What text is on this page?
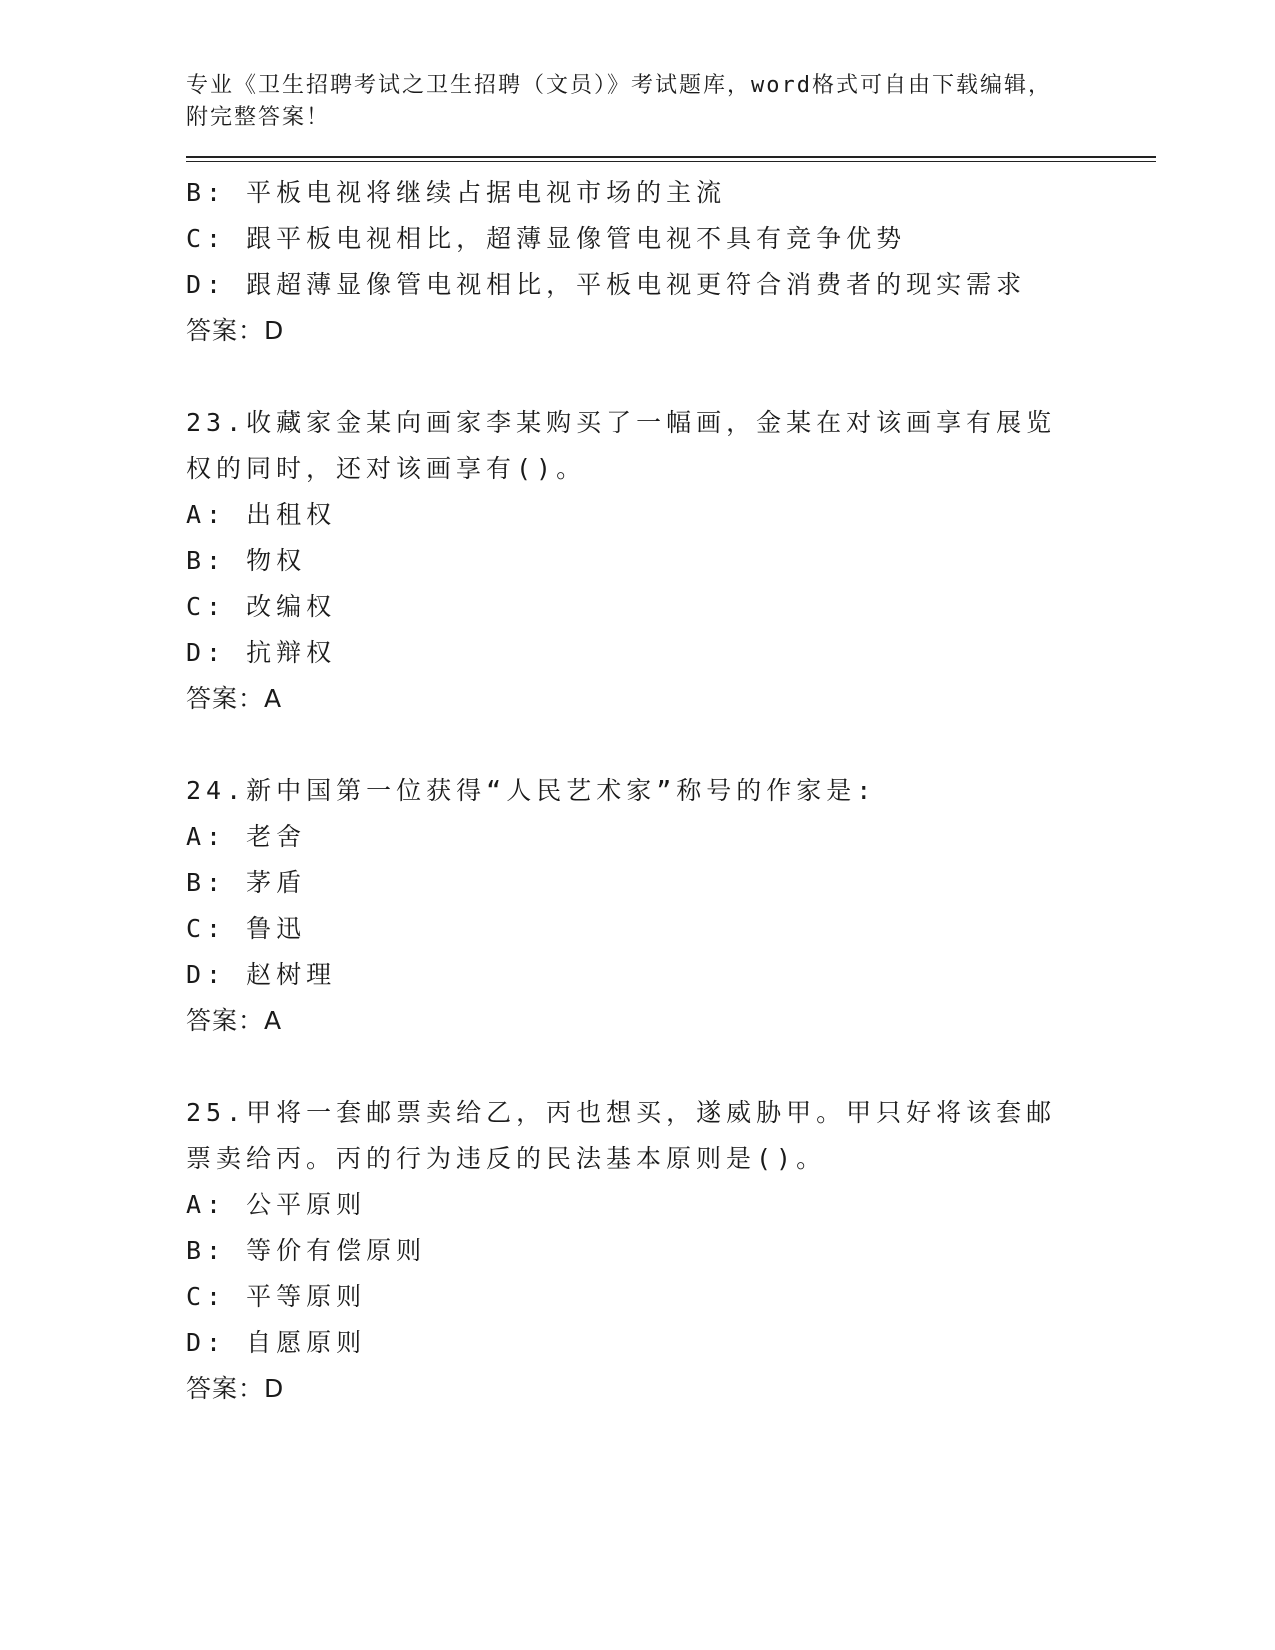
专业《卫生招聘考试之卫生招聘（文员）》考试题库，word格式可自由下载编辑，附完整答案！

B: 平板电视将继续占据电视市场的主流
C: 跟平板电视相比，超薄显像管电视不具有竞争优势
D: 跟超薄显像管电视相比，平板电视更符合消费者的现实需求
答案：D
23.收藏家金某向画家李某购买了一幅画，金某在对该画享有展览权的同时，还对该画享有()。
A: 出租权
B: 物权
C: 改编权
D: 抗辩权
答案：A
24.新中国第一位获得“人民艺术家”称号的作家是:
A: 老舍
B: 茅盾
C: 鲁迅
D: 赵树理
答案：A
25.甲将一套邮票卖给乙，丙也想买，遂威胁甲。甲只好将该套邮票卖给丙。丙的行为违反的民法基本原则是()。
A: 公平原则
B: 等价有偿原则
C: 平等原则
D: 自愿原则
答案：D
